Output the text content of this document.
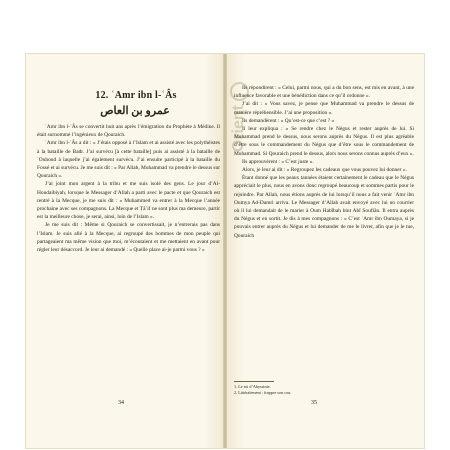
12. ʿAmr ibn l-ʿÂs
عمرو بن العاص

ʿAmr ibn l-ʿÂs se convertit huit ans après l’émigration du Prophète à Médine. Il était surnommé l’ingénieux de Qouraich.

ʿAmr ibn l-ʿÂs a dit : « J’étais opposé à l’Islam et ai assisté avec les polythéistes à la bataille de Badr. J’ai survécu [à cette bataille] puis ai assisté à la bataille de ʿOuhoud à laquelle j’ai également survécu. J’ai ensuite participé à la bataille du Fossé et ai survécu. Je me suis dit : « Par Allah, Muhammad va prendre le dessus sur Qouraich ».

J’ai joint mon argent à la tribu et me suis isolé des gens. Le jour d’Al-Houdaibiyah, lorsque le Messager d’Allah a parti avec le pacte et que Qouraich est rentré à la Mecque, je me suis dit : « Muhammed va entrer à la Mecque l’année prochaine avec ses compagnons. La Mecque et Ṭâʾif ne sont plus ma demeure, partir est la meilleure chose, je serai, ainsi, loin de l’Islam ».

Je me suis dit : Même si Qouraich se convertissait, je n’entrerais pas dans l’Islam. Je suis allé à la Mecque, ai regroupé des hommes de mon peuple qui partageaient ma même vision que moi, m’écoutaient et me mettaient en avant pour régler leur désaccord. Je leur ai demandé : « Quelle place ai-je parmi vous ? »

34
Orient

Ils répondirent : « Celui, parmi nous, qui a du bon sens, est mis en avant, à une influence favorable et une bénédiction dans ce qu’il ordonne ».

J’ai dit : « Vous savez, je pense que Muhammad va prendre le dessus de manière répréhensible. J’ai une proposition ».

Ils demandèrent : « Qu’est-ce que c’est ? »

Il leur expliqua : « Se rendre chez le Négus et rester auprès de lui. Si Muhammad prend le dessus, nous serons auprès du Négus. Il est plus agréable d’être sous le commandement du Négus que d’être sous le commandement de Muhammad. Si Qouraich prend le dessus, alors nous serons connus auprès d’eux ».

Ils approuvèrent : « C’est juste ».

Alors, je leur ai dit : « Regroupez les cadeaux que vous pouvez lui donner ».

Étant donné que les peaux tannées étaient certainement le cadeau que le Négus appréciait le plus, nous en avons donc regroupé beaucoup et sommes partis pour le rejoindre. Par Allah, nous étions auprès de lui lorsqu’il nous a fait venir ʿAmr ibn Oumya Ad-Damri arriva. Le Messager d’Allah avait envoyé avec lui un courrier où il lui demandait de le marier à Oum Habîbah bint Abî Soufiân. Il entra auprès du Négus et en sortit. Je dis à mes compagnons : « C’est ʿAmr ibn Oumaya, si je pouvais entrer auprès du Négus et lui demander de me le livrer, afin que je le tue, Qouraich

1. Le roi d’Abyssinie.
2. Littéralement : frapper son cou.
35
